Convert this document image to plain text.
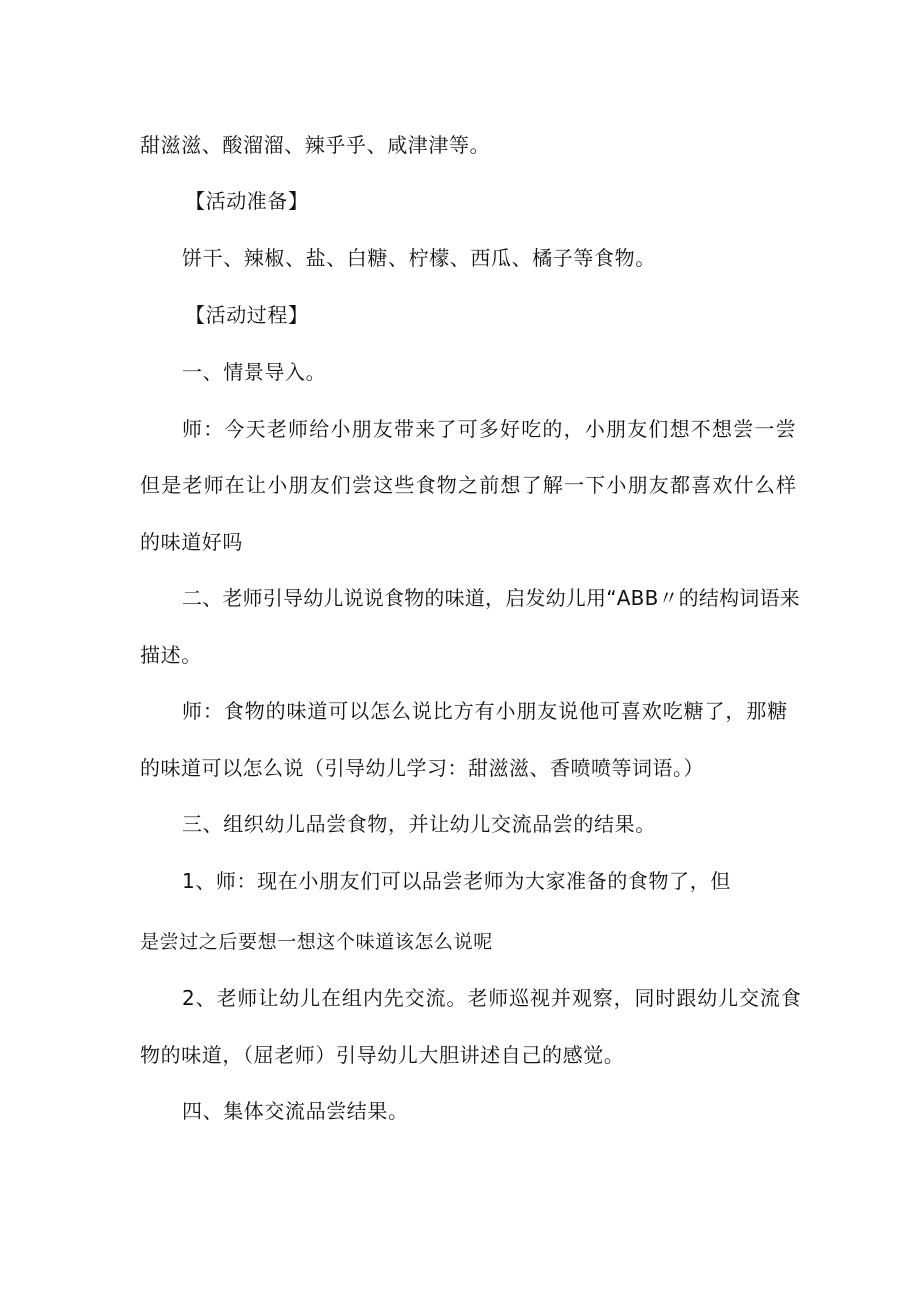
甜滋滋、酸溜溜、辣乎乎、咸津津等。
【活动准备】
饼干、辣椒、盐、白糖、柠檬、西瓜、橘子等食物。
【活动过程】
一、情景导入。
师：今天老师给小朋友带来了可多好吃的，小朋友们想不想尝一尝
但是老师在让小朋友们尝这些食物之前想了解一下小朋友都喜欢什么样
的味道好吗
二、老师引导幼儿说说食物的味道，启发幼儿用“ABB〃的结构词语来
描述。
师：食物的味道可以怎么说比方有小朋友说他可喜欢吃糖了，那糖
的味道可以怎么说（引导幼儿学习：甜滋滋、香喷喷等词语。）
三、组织幼儿品尝食物，并让幼儿交流品尝的结果。
1、师：现在小朋友们可以品尝老师为大家准备的食物了，但
是尝过之后要想一想这个味道该怎么说呢
2、老师让幼儿在组内先交流。老师巡视并观察，同时跟幼儿交流食
物的味道，（屈老师）引导幼儿大胆讲述自己的感觉。
四、集体交流品尝结果。
